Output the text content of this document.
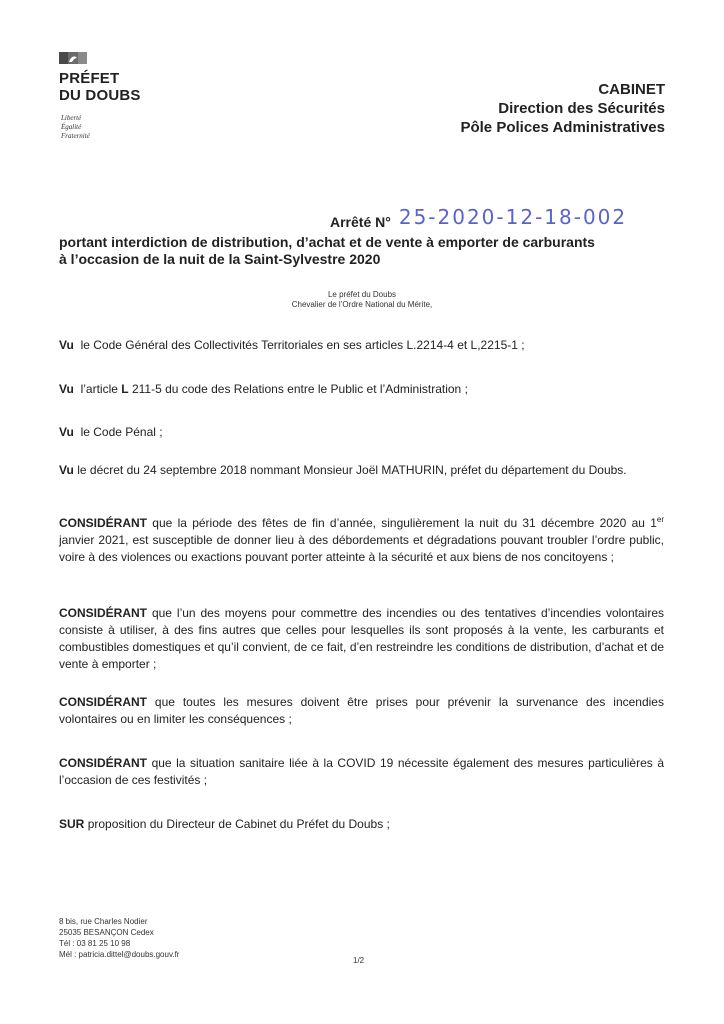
PRÉFET
DU DOUBS
Liberté
Égalité
Fraternité
CABINET
Direction des Sécurités
Pôle Polices Administratives
Arrêté N° 25-2020-12-18-002
portant interdiction de distribution, d’achat et de vente à emporter de carburants
à l’occasion de la nuit de la Saint-Sylvestre 2020
Le préfet du Doubs
Chevalier de l’Ordre National du Mérite,
Vu le Code Général des Collectivités Territoriales en ses articles L.2214-4 et L,2215-1 ;
Vu l’article L 211-5 du code des Relations entre le Public et l’Administration ;
Vu le Code Pénal ;
Vu le décret du 24 septembre 2018 nommant Monsieur Joël MATHURIN, préfet du département du Doubs.
CONSIDÉRANT que la période des fêtes de fin d’année, singulièrement la nuit du 31 décembre 2020 au 1er janvier 2021, est susceptible de donner lieu à des débordements et dégradations pouvant troubler l’ordre public, voire à des violences ou exactions pouvant porter atteinte à la sécurité et aux biens de nos concitoyens ;
CONSIDÉRANT que l’un des moyens pour commettre des incendies ou des tentatives d’incendies volontaires consiste à utiliser, à des fins autres que celles pour lesquelles ils sont proposés à la vente, les carburants et combustibles domestiques et qu’il convient, de ce fait, d’en restreindre les conditions de distribution, d’achat et de vente à emporter ;
CONSIDÉRANT que toutes les mesures doivent être prises pour prévenir la survenance des incendies volontaires ou en limiter les conséquences ;
CONSIDÉRANT que la situation sanitaire liée à la COVID 19 nécessite également des mesures particulières à l’occasion de ces festivités ;
SUR proposition du Directeur de Cabinet du Préfet du Doubs ;
8 bis, rue Charles Nodier
25035 BESANÇON Cedex
Tél : 03 81 25 10 98
Mél : patricia.dittel@doubs.gouv.fr
1/2
